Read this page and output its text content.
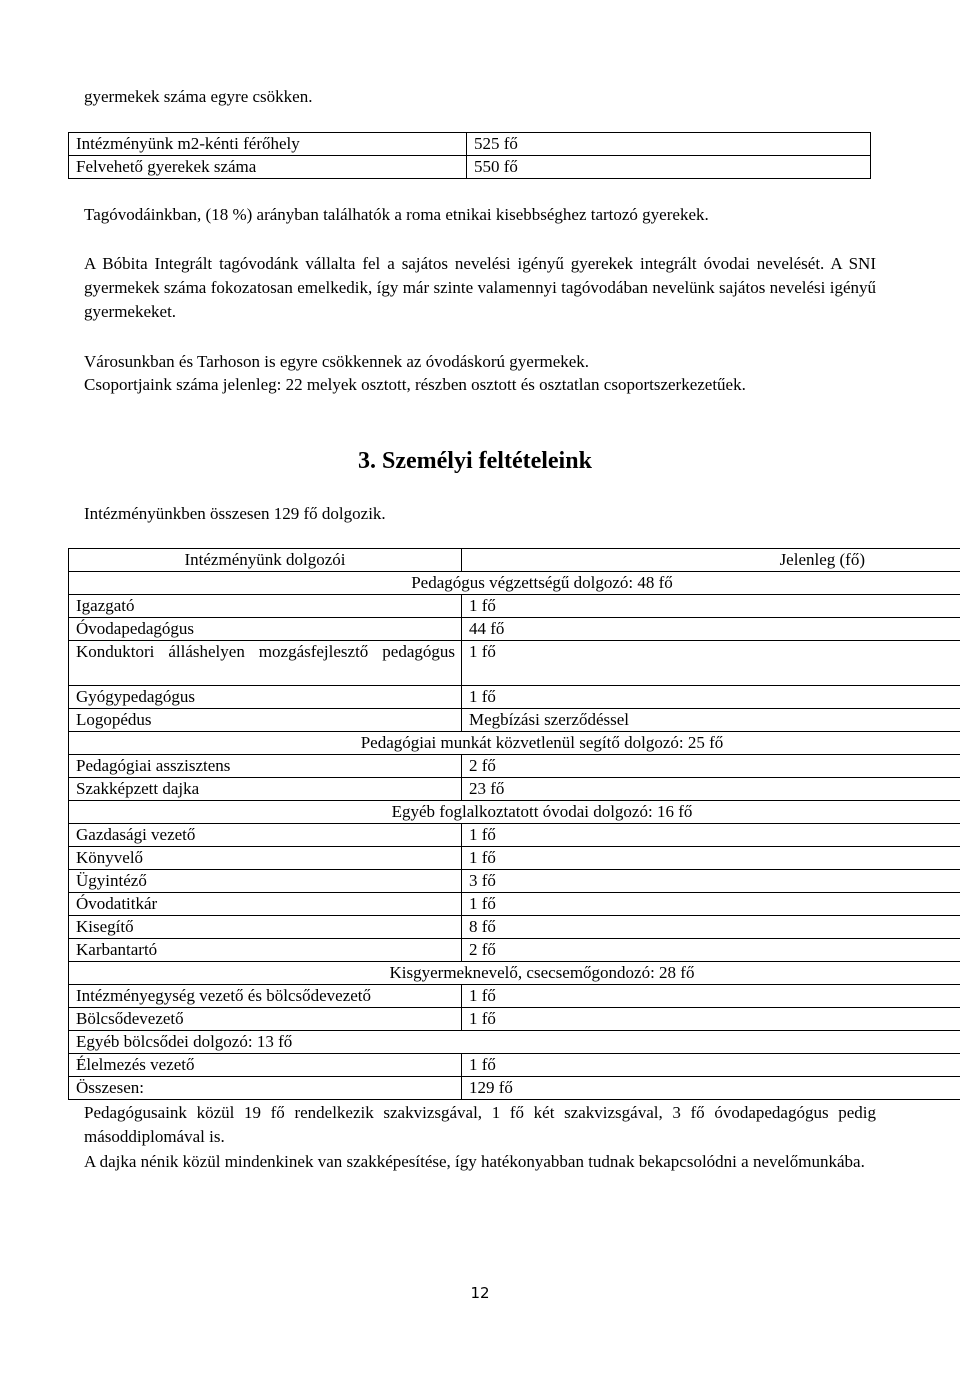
gyermekek száma egyre csökken.
Intézményünk m2-kénti férőhely	525 fő
Felvehető gyerekek száma	550 fő
Tagóvodáinkban, (18 %) arányban találhatók a roma etnikai kisebbséghez tartozó gyerekek.
A Bóbita Integrált tagóvodánk vállalta fel a sajátos nevelési igényű gyerekek integrált óvodai nevelését. A SNI gyermekek száma fokozatosan emelkedik, így már szinte valamennyi tagóvodában nevelünk sajátos nevelési igényű gyermekeket.
Városunkban és Tarhoson is egyre csökkennek az óvodáskorú gyermekek.
Csoportjaink száma jelenleg: 22 melyek osztott, részben osztott és osztatlan csoportszerkezetűek.
3. Személyi feltételeink
Intézményünkben összesen 129 fő dolgozik.
Intézményünk dolgozói	Jelenleg (fő)
Pedagógus végzettségű dolgozó: 48 fő	
Igazgató	1 fő
Óvodapedagógus	44 fő
Konduktori álláshelyen mozgásfejlesztő pedagógus	1 fő
Gyógypedagógus	1 fő
Logopédus	Megbízási szerződéssel
Pedagógiai munkát közvetlenül segítő dolgozó: 25 fő	
Pedagógiai asszisztens	2 fő
Szakképzett dajka	23 fő
Egyéb foglalkoztatott óvodai dolgozó: 16 fő	
Gazdasági vezető	1 fő
Könyvelő	1 fő
Ügyintéző	3 fő
Óvodatitkár	1 fő
Kisegítő	8 fő
Karbantartó	2 fő
Kisgyermeknevelő, csecsemőgondozó: 28 fő	
Intézményegység vezető és bölcsődevezető	1 fő
Bölcsődevezető	1 fő
Egyéb bölcsődei dolgozó: 13 fő	
Élelmezés vezető	1 fő
Összesen:	129 fő
Pedagógusaink közül 19 fő rendelkezik szakvizsgával, 1 fő két szakvizsgával, 3 fő óvodapedagógus pedig másoddiplomával is.
A dajka nénik közül mindenkinek van szakképesítése, így hatékonyabban tudnak bekapcsolódni a nevelőmunkába.
12
